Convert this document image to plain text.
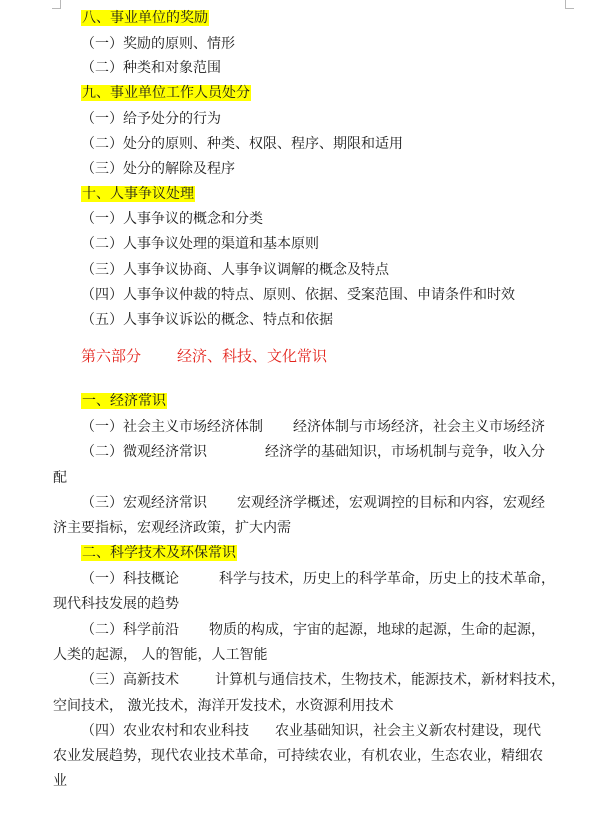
八、事业单位的奖励
（一）奖励的原则、情形
（二）种类和对象范围
九、事业单位工作人员处分
（一）给予处分的行为
（二）处分的原则、种类、权限、程序、期限和适用
（三）处分的解除及程序
十、人事争议处理
（一）人事争议的概念和分类
（二）人事争议处理的渠道和基本原则
（三）人事争议协商、人事争议调解的概念及特点
（四）人事争议仲裁的特点、原则、依据、受案范围、申请条件和时效
（五）人事争议诉讼的概念、特点和依据
第六部分 经济、科技、文化常识
一、经济常识
（一）社会主义市场经济体制 经济体制与市场经济，社会主义市场经济
（二）微观经济常识	经济学的基础知识，市场机制与竞争，收入分
配
（三）宏观经济常识 宏观经济学概述，宏观调控的目标和内容，宏观经
济主要指标，宏观经济政策，扩大内需
二、科学技术及环保常识
（一）科技概论	科学与技术，历史上的科学革命，历史上的技术革命，
现代科技发展的趋势
（二）科学前沿 物质的构成，宇宙的起源，地球的起源，生命的起源，
人类的起源， 人的智能，人工智能
（三）高新技术	计算机与通信技术，生物技术，能源技术，新材料技术，
空间技术， 激光技术，海洋开发技术，水资源利用技术
（四）农业农村和农业科技 农业基础知识，社会主义新农村建设，现代
农业发展趋势，现代农业技术革命，可持续农业，有机农业，生态农业，精细农
业
